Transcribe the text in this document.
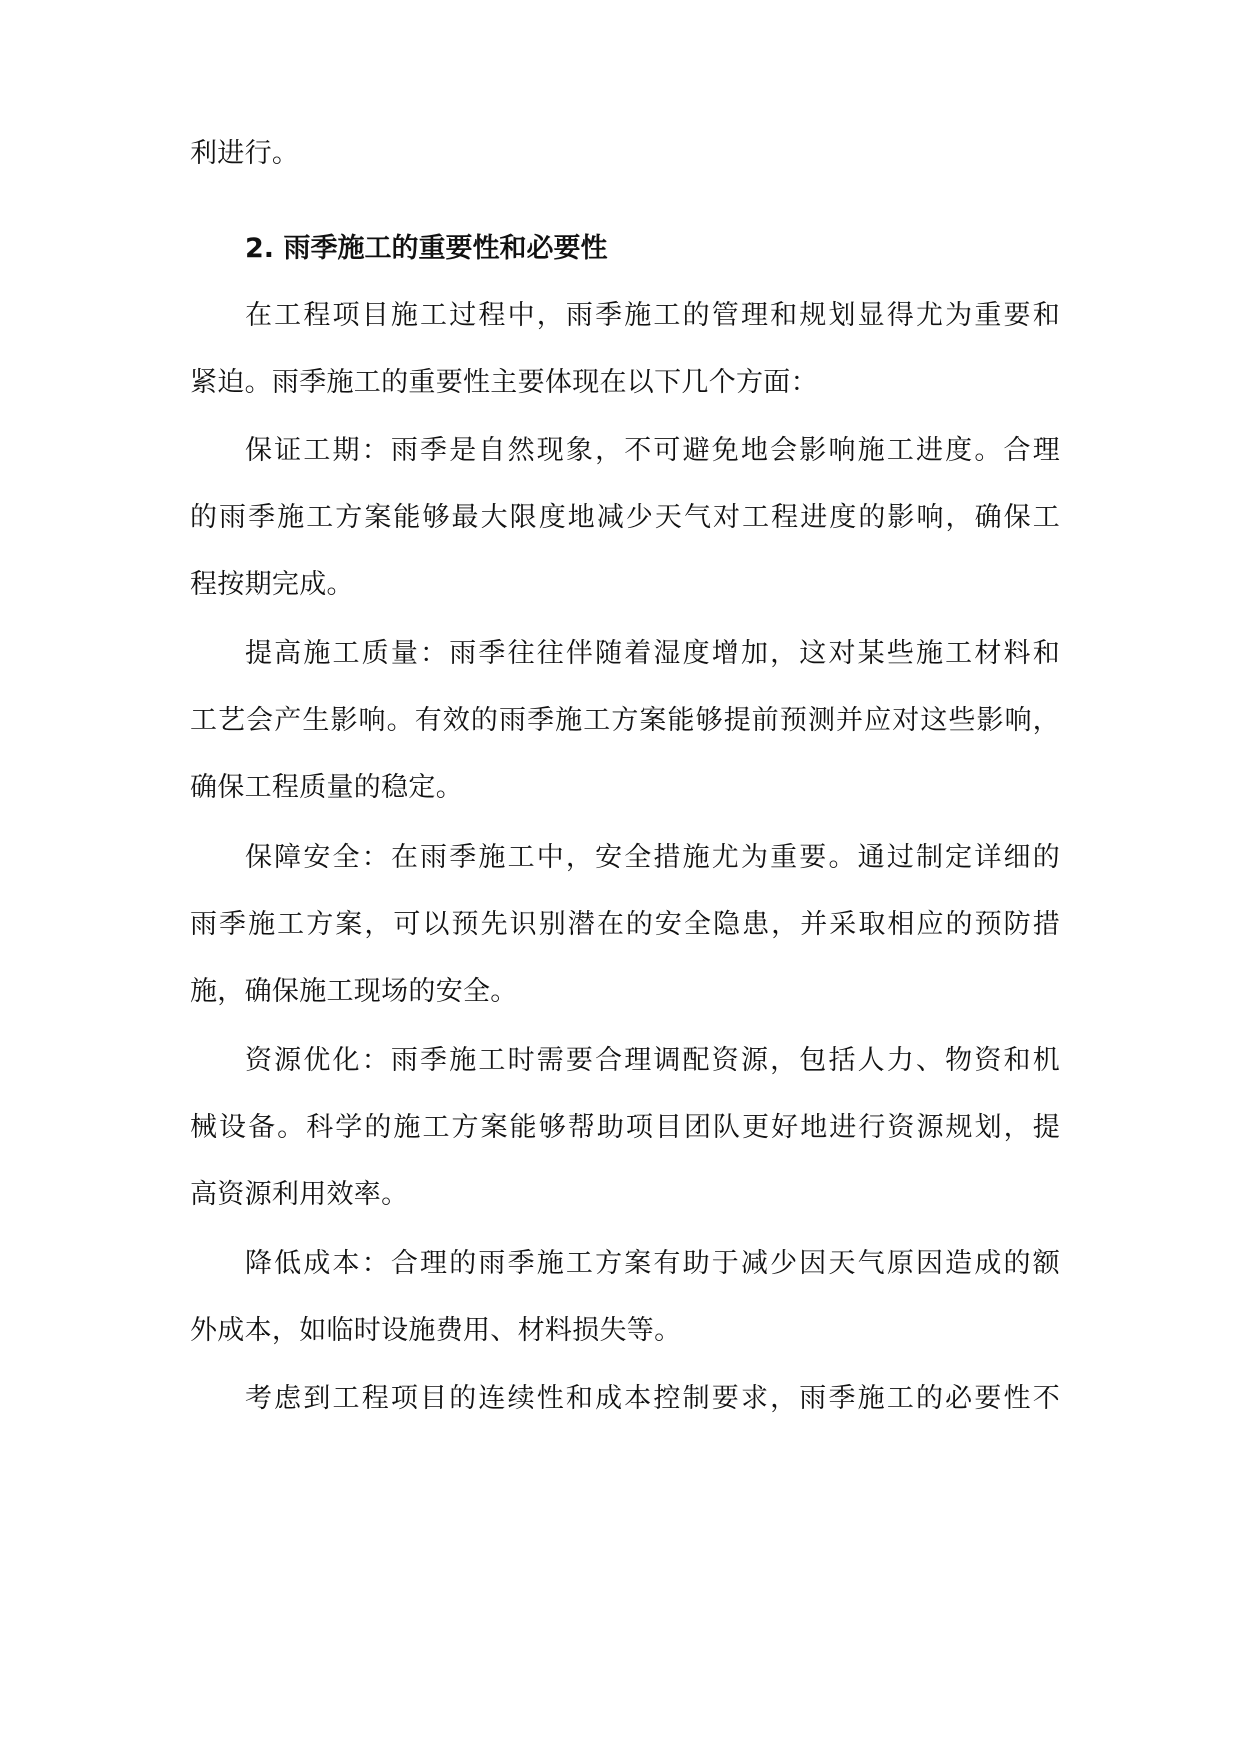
利进行。
2. 雨季施工的重要性和必要性
在工程项目施工过程中，雨季施工的管理和规划显得尤为重要和
紧迫。雨季施工的重要性主要体现在以下几个方面：
保证工期：雨季是自然现象，不可避免地会影响施工进度。合理
的雨季施工方案能够最大限度地减少天气对工程进度的影响，确保工
程按期完成。
提高施工质量：雨季往往伴随着湿度增加，这对某些施工材料和
工艺会产生影响。有效的雨季施工方案能够提前预测并应对这些影响，
确保工程质量的稳定。
保障安全：在雨季施工中，安全措施尤为重要。通过制定详细的
雨季施工方案，可以预先识别潜在的安全隐患，并采取相应的预防措
施，确保施工现场的安全。
资源优化：雨季施工时需要合理调配资源，包括人力、物资和机
械设备。科学的施工方案能够帮助项目团队更好地进行资源规划，提
高资源利用效率。
降低成本：合理的雨季施工方案有助于减少因天气原因造成的额
外成本，如临时设施费用、材料损失等。
考虑到工程项目的连续性和成本控制要求，雨季施工的必要性不
